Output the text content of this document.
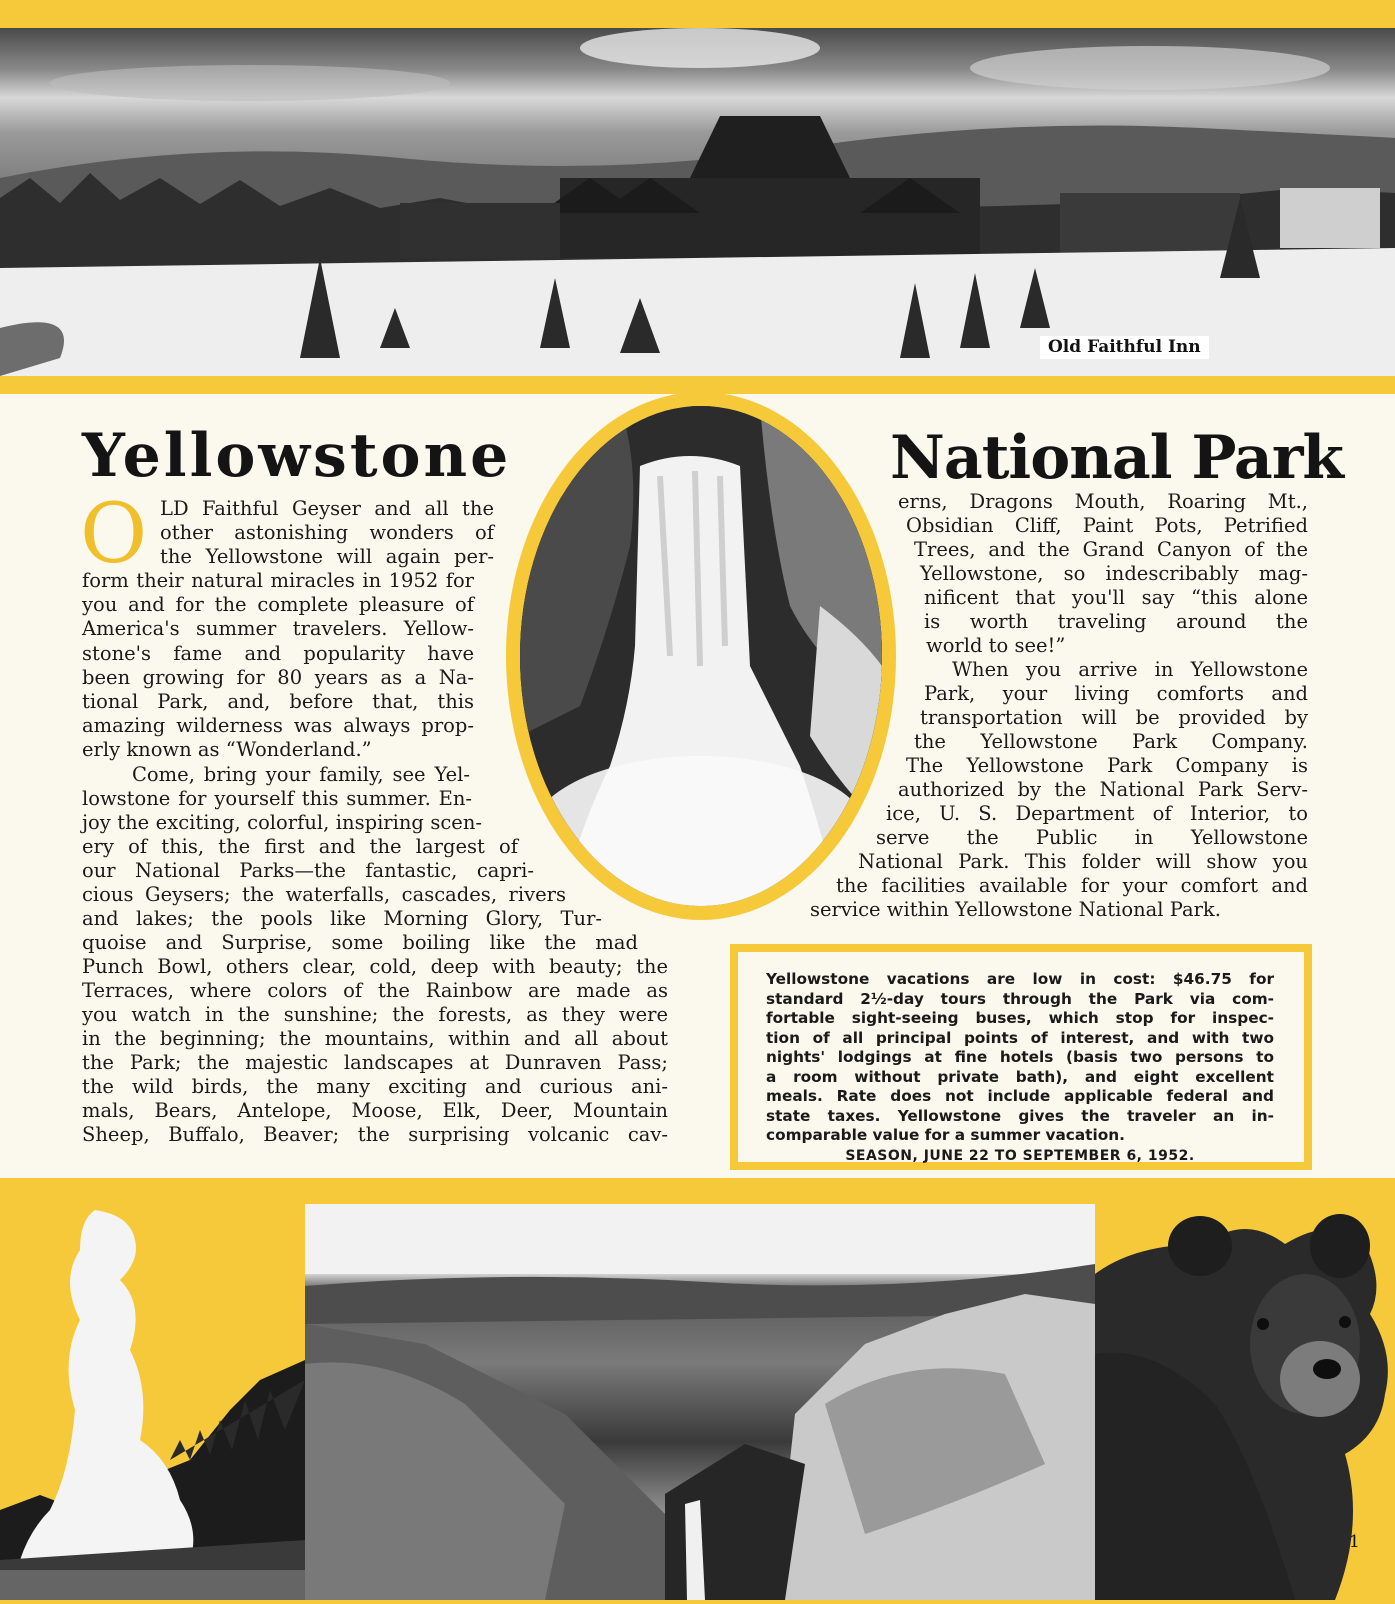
Old Faithful Inn
Yellowstone	National Park
O LD Faithful Geyser and all the

other astonishing wonders of

the Yellowstone will again per-

form their natural miracles in 1952 for

you and for the complete pleasure of

America's summer travelers. Yellow-

stone's fame and popularity have

been growing for 80 years as a Na-

tional Park, and, before that, this

amazing wilderness was always prop-

erly known as “Wonderland.”

Come, bring your family, see Yel-

lowstone for yourself this summer. En-

joy the exciting, colorful, inspiring scen-

ery of this, the first and the largest of

our National Parks—the fantastic, capri-

cious Geysers; the waterfalls, cascades, rivers

and lakes; the pools like Morning Glory, Tur-

quoise and Surprise, some boiling like the mad

Punch Bowl, others clear, cold, deep with beauty; the

Terraces, where colors of the Rainbow are made as

you watch in the sunshine; the forests, as they were

in the beginning; the mountains, within and all about

the Park; the majestic landscapes at Dunraven Pass;

the wild birds, the many exciting and curious ani-

mals, Bears, Antelope, Moose, Elk, Deer, Mountain

Sheep, Buffalo, Beaver; the surprising volcanic cav-

erns, Dragons Mouth, Roaring Mt.,

Obsidian Cliff, Paint Pots, Petrified

Trees, and the Grand Canyon of the

Yellowstone, so indescribably mag-

nificent that you'll say “this alone

is worth traveling around the

world to see!”

When you arrive in Yellowstone

Park, your living comforts and

transportation will be provided by

the Yellowstone Park Company.

The Yellowstone Park Company is

authorized by the National Park Serv-

ice, U. S. Department of Interior, to

serve the Public in Yellowstone

National Park. This folder will show you

the facilities available for your comfort and

service within Yellowstone National Park.

Yellowstone vacations are low in cost: $46.75 for
standard 2½-day tours through the Park via com-
fortable sight-seeing buses, which stop for inspec-
tion of all principal points of interest, and with two
nights' lodgings at fine hotels (basis two persons to
a room without private bath), and eight excellent
meals. Rate does not include applicable federal and
state taxes. Yellowstone gives the traveler an in-
comparable value for a summer vacation.
SEASON, JUNE 22 TO SEPTEMBER 6, 1952.
1
